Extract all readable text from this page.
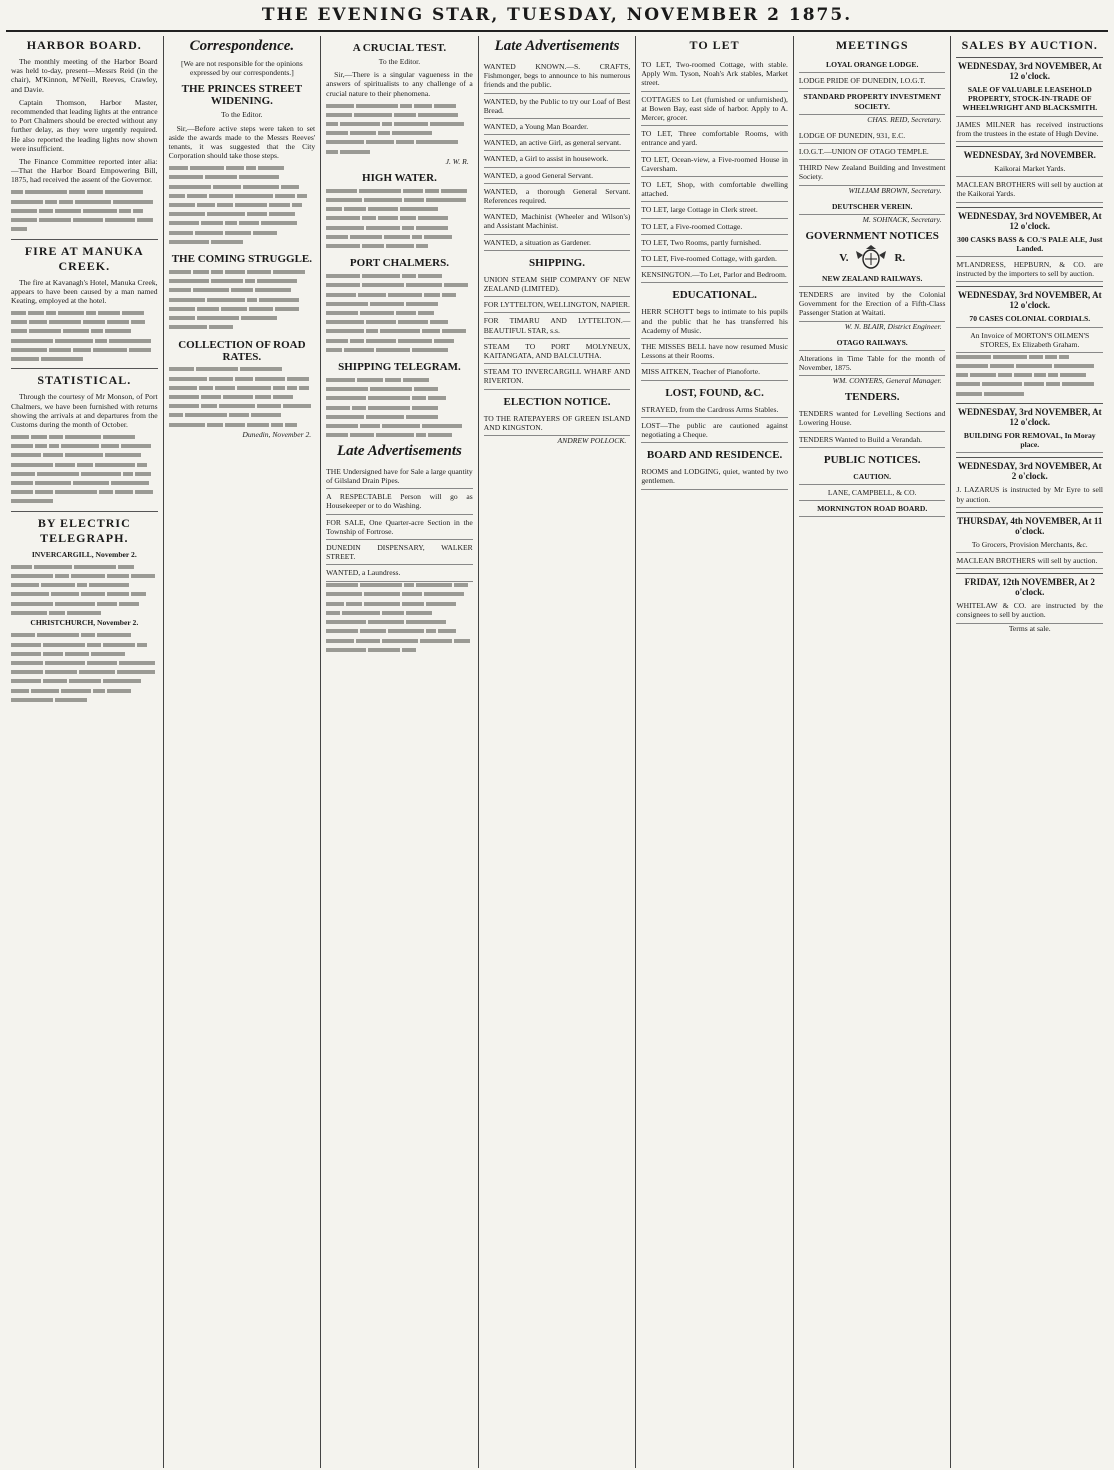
THE EVENING STAR, TUESDAY, NOVEMBER 2 1875.
HARBOR BOARD.

The monthly meeting of the Harbor Board was held to-day, present—Messrs Reid (in the chair), M'Kinnon, M'Neill, Reeves, Crawley, and Davie.

Captain Thomson, Harbor Master, recommended that leading lights at the entrance to Port Chalmers should be erected without any further delay, as they were urgently required. He also reported the leading lights now shown were insufficient.

The Finance Committee reported inter alia:—That the Harbor Board Empowering Bill, 1875, had received the assent of the Governor.

FIRE AT MANUKA CREEK.

The fire at Kavanagh's Hotel, Manuka Creek, appears to have been caused by a man named Keating, employed at the hotel.

STATISTICAL.

Through the courtesy of Mr Monson, of Port Chalmers, we have been furnished with returns showing the arrivals at and departures from the Customs during the month of October.

BY ELECTRIC TELEGRAPH.

INVERCARGILL, November 2.

CHRISTCHURCH, November 2.

Correspondence.

[We are not responsible for the opinions expressed by our correspondents.]

THE PRINCES STREET WIDENING.

To the Editor.

Sir,—Before active steps were taken to set aside the awards made to the Messrs Reeves' tenants, it was suggested that the City Corporation should take those steps.

THE COMING STRUGGLE.
COLLECTION OF ROAD RATES.
Dunedin, November 2.
A CRUCIAL TEST.

To the Editor.

Sir,—There is a singular vagueness in the answers of spiritualists to any challenge of a crucial nature to their phenomena.

J. W. R.
HIGH WATER.
PORT CHALMERS.
SHIPPING TELEGRAM.
Late Advertisements

THE Undersigned have for Sale a large quantity of Gilsland Drain Pipes.

A RESPECTABLE Person will go as Housekeeper or to do Washing.

FOR SALE, One Quarter-acre Section in the Township of Fortrose.

DUNEDIN DISPENSARY, WALKER STREET.

WANTED, a Laundress.

Late Advertisements

WANTED KNOWN.—S. CRAFTS, Fishmonger, begs to announce to his numerous friends and the public.

WANTED, by the Public to try our Loaf of Best Bread.

WANTED, a Young Man Boarder.

WANTED, an active Girl, as general servant.

WANTED, a Girl to assist in housework.

WANTED, a good General Servant.

WANTED, a thorough General Servant. References required.

WANTED, Machinist (Wheeler and Wilson's) and Assistant Machinist.

WANTED, a situation as Gardener.

SHIPPING.

UNION STEAM SHIP COMPANY OF NEW ZEALAND (LIMITED).

FOR LYTTELTON, WELLINGTON, NAPIER.

FOR TIMARU AND LYTTELTON.—BEAUTIFUL STAR, s.s.

STEAM TO PORT MOLYNEUX, KAITANGATA, AND BALCLUTHA.

STEAM TO INVERCARGILL WHARF AND RIVERTON.

ELECTION NOTICE.

TO THE RATEPAYERS OF GREEN ISLAND AND KINGSTON.

ANDREW POLLOCK.
TO LET

TO LET, Two-roomed Cottage, with stable. Apply Wm. Tyson, Noah's Ark stables, Market street.

COTTAGES to Let (furnished or unfurnished), at Bowen Bay, east side of harbor. Apply to A. Mercer, grocer.

TO LET, Three comfortable Rooms, with entrance and yard.

TO LET, Ocean-view, a Five-roomed House in Caversham.

TO LET, Shop, with comfortable dwelling attached.

TO LET, large Cottage in Clerk street.

TO LET, a Five-roomed Cottage.

TO LET, Two Rooms, partly furnished.

TO LET, Five-roomed Cottage, with garden.

KENSINGTON.—To Let, Parlor and Bedroom.

EDUCATIONAL.

HERR SCHOTT begs to intimate to his pupils and the public that he has transferred his Academy of Music.

THE MISSES BELL have now resumed Music Lessons at their Rooms.

MISS AITKEN, Teacher of Pianoforte.

LOST, FOUND, &C.

STRAYED, from the Cardross Arms Stables.

LOST—The public are cautioned against negotiating a Cheque.

BOARD AND RESIDENCE.

ROOMS and LODGING, quiet, wanted by two gentlemen.

MEETINGS

LOYAL ORANGE LODGE.

LODGE PRIDE OF DUNEDIN, I.O.G.T.

STANDARD PROPERTY INVESTMENT SOCIETY.

CHAS. REID, Secretary.

LODGE OF DUNEDIN, 931, E.C.

I.O.G.T.—UNION OF OTAGO TEMPLE.

THIRD New Zealand Building and Investment Society.

WILLIAM BROWN, Secretary.

DEUTSCHER VEREIN.

M. SOHNACK, Secretary.
GOVERNMENT NOTICES
V.	R.

NEW ZEALAND RAILWAYS.

TENDERS are invited by the Colonial Government for the Erection of a Fifth-Class Passenger Station at Waitati.

W. N. BLAIR, District Engineer.

OTAGO RAILWAYS.

Alterations in Time Table for the month of November, 1875.

WM. CONYERS, General Manager.
TENDERS.

TENDERS wanted for Levelling Sections and Lowering House.

TENDERS Wanted to Build a Verandah.

PUBLIC NOTICES.

CAUTION.

LANE, CAMPBELL, & CO.

MORNINGTON ROAD BOARD.

SALES BY AUCTION.
WEDNESDAY, 3rd NOVEMBER, At 12 o'clock.

SALE OF VALUABLE LEASEHOLD PROPERTY, STOCK-IN-TRADE OF WHEELWRIGHT AND BLACKSMITH.

JAMES MILNER has received instructions from the trustees in the estate of Hugh Devine.

WEDNESDAY, 3rd NOVEMBER.

Kaikorai Market Yards.

MACLEAN BROTHERS will sell by auction at the Kaikorai Yards.

WEDNESDAY, 3rd NOVEMBER, At 12 o'clock.

300 CASKS BASS & CO.'S PALE ALE, Just Landed.

M'LANDRESS, HEPBURN, & CO. are instructed by the importers to sell by auction.

WEDNESDAY, 3rd NOVEMBER, At 12 o'clock.

70 CASES COLONIAL CORDIALS.

An Invoice of MORTON'S OILMEN'S STORES, Ex Elizabeth Graham.

WEDNESDAY, 3rd NOVEMBER, At 12 o'clock.

BUILDING FOR REMOVAL, In Moray place.

WEDNESDAY, 3rd NOVEMBER, At 2 o'clock.

J. LAZARUS is instructed by Mr Eyre to sell by auction.

THURSDAY, 4th NOVEMBER, At 11 o'clock.

To Grocers, Provision Merchants, &c.

MACLEAN BROTHERS will sell by auction.

FRIDAY, 12th NOVEMBER, At 2 o'clock.

WHITELAW & CO. are instructed by the consignees to sell by auction.

Terms at sale.
